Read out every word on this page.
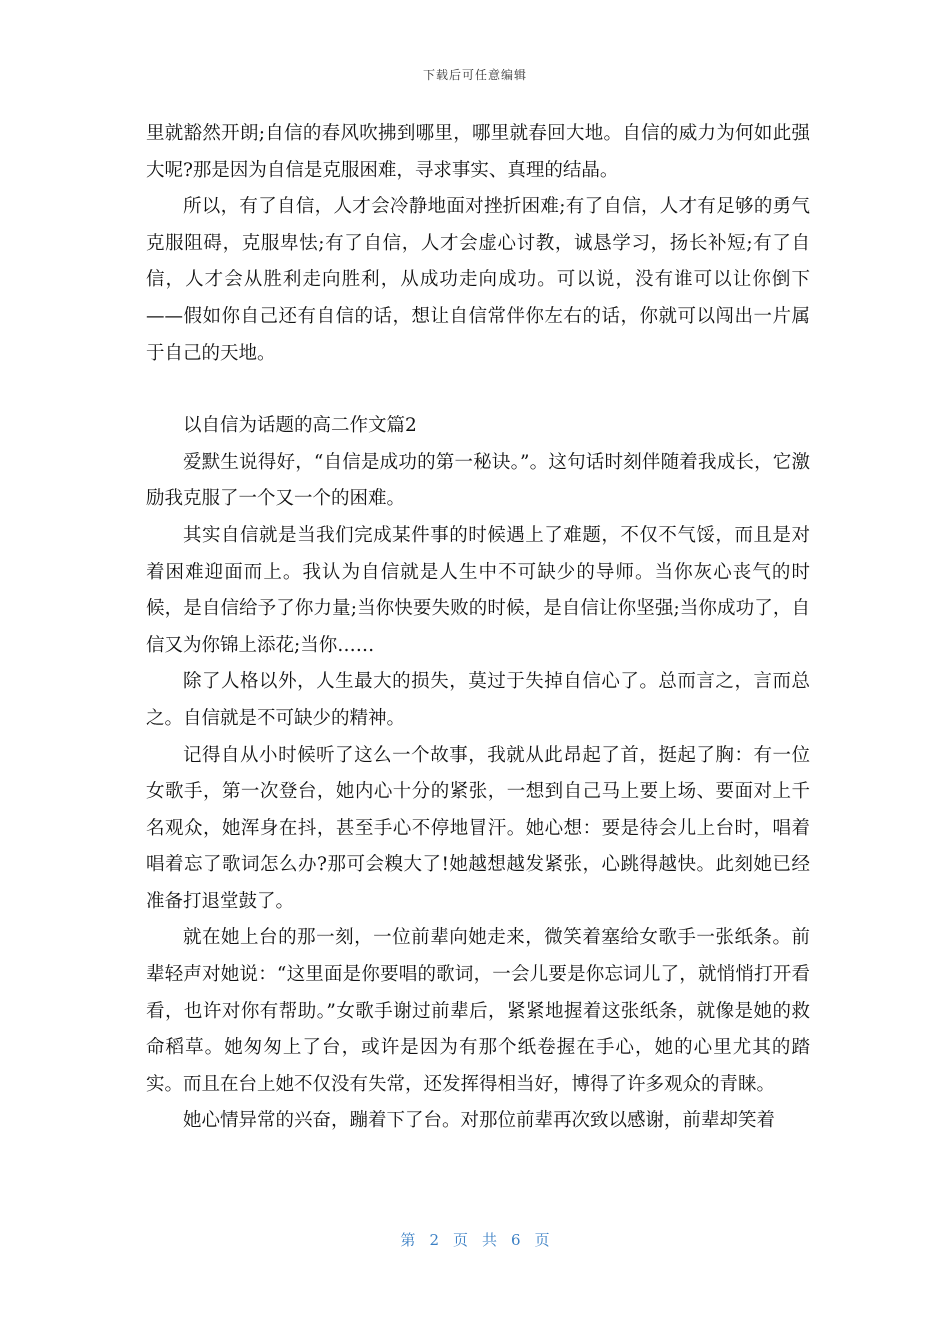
下载后可任意编辑

里就豁然开朗;自信的春风吹拂到哪里，哪里就春回大地。自信的威力为何如此强大呢?那是因为自信是克服困难，寻求事实、真理的结晶。

所以，有了自信，人才会冷静地面对挫折困难;有了自信，人才有足够的勇气克服阻碍，克服卑怯;有了自信，人才会虚心讨教，诚恳学习，扬长补短;有了自信，人才会从胜利走向胜利，从成功走向成功。可以说，没有谁可以让你倒下——假如你自己还有自信的话，想让自信常伴你左右的话，你就可以闯出一片属于自己的天地。

以自信为话题的高二作文篇2

爱默生说得好，“自信是成功的第一秘诀。”。这句话时刻伴随着我成长，它激励我克服了一个又一个的困难。

其实自信就是当我们完成某件事的时候遇上了难题，不仅不气馁，而且是对着困难迎面而上。我认为自信就是人生中不可缺少的导师。当你灰心丧气的时候，是自信给予了你力量;当你快要失败的时候，是自信让你坚强;当你成功了，自信又为你锦上添花;当你……

除了人格以外，人生最大的损失，莫过于失掉自信心了。总而言之，言而总之。自信就是不可缺少的精神。

记得自从小时候听了这么一个故事，我就从此昂起了首，挺起了胸：有一位女歌手，第一次登台，她内心十分的紧张，一想到自己马上要上场、要面对上千名观众，她浑身在抖，甚至手心不停地冒汗。她心想：要是待会儿上台时，唱着唱着忘了歌词怎么办?那可会糗大了!她越想越发紧张，心跳得越快。此刻她已经准备打退堂鼓了。

就在她上台的那一刻，一位前辈向她走来，微笑着塞给女歌手一张纸条。前辈轻声对她说：“这里面是你要唱的歌词，一会儿要是你忘词儿了，就悄悄打开看看，也许对你有帮助。”女歌手谢过前辈后，紧紧地握着这张纸条，就像是她的救命稻草。她匆匆上了台，或许是因为有那个纸卷握在手心，她的心里尤其的踏实。而且在台上她不仅没有失常，还发挥得相当好，博得了许多观众的青睐。

她心情异常的兴奋，蹦着下了台。对那位前辈再次致以感谢，前辈却笑着

第 2 页 共 6 页
